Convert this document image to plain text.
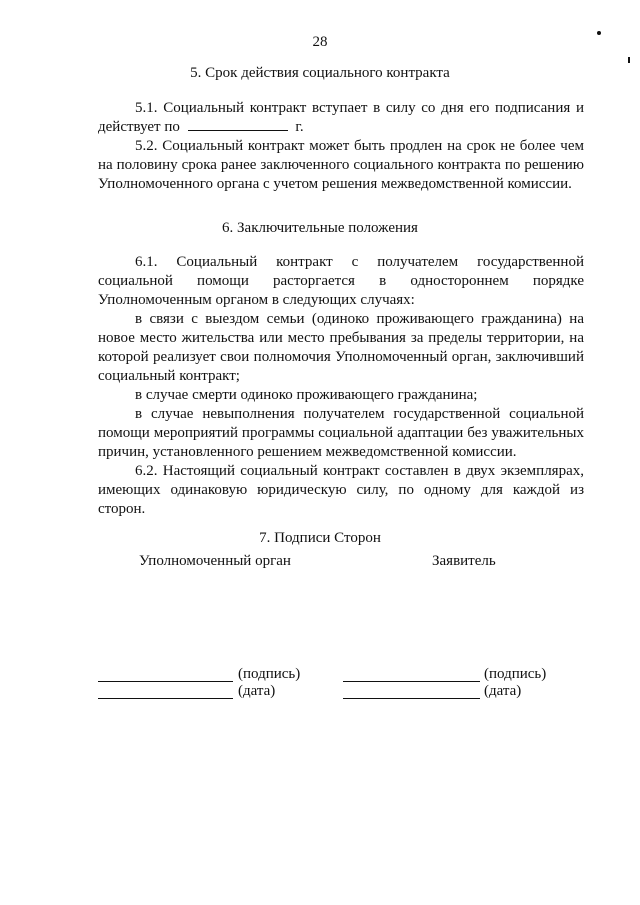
28
5. Срок действия социального контракта
5.1. Социальный контракт вступает в силу со дня его подписания и действует по	г.
5.2. Социальный контракт может быть продлен на срок не более чем на половину срока ранее заключенного социального контракта по решению Уполномоченного органа с учетом решения межведомственной комиссии.
6. Заключительные положения
6.1. Социальный контракт с получателем государственной социальной помощи расторгается в одностороннем порядке Уполномоченным органом в следующих случаях:
в связи с выездом семьи (одиноко проживающего гражданина) на новое место жительства или место пребывания за пределы территории, на которой реализует свои полномочия Уполномоченный орган, заключивший социальный контракт;
в случае смерти одиноко проживающего гражданина;
в случае невыполнения получателем государственной социальной помощи мероприятий программы социальной адаптации без уважительных причин, установленного решением межведомственной комиссии.
6.2. Настоящий социальный контракт составлен в двух экземплярах, имеющих одинаковую юридическую силу, по одному для каждой из сторон.
7. Подписи Сторон
Уполномоченный орган	Заявитель
(подпись)
(дата)
(подпись)
(дата)
